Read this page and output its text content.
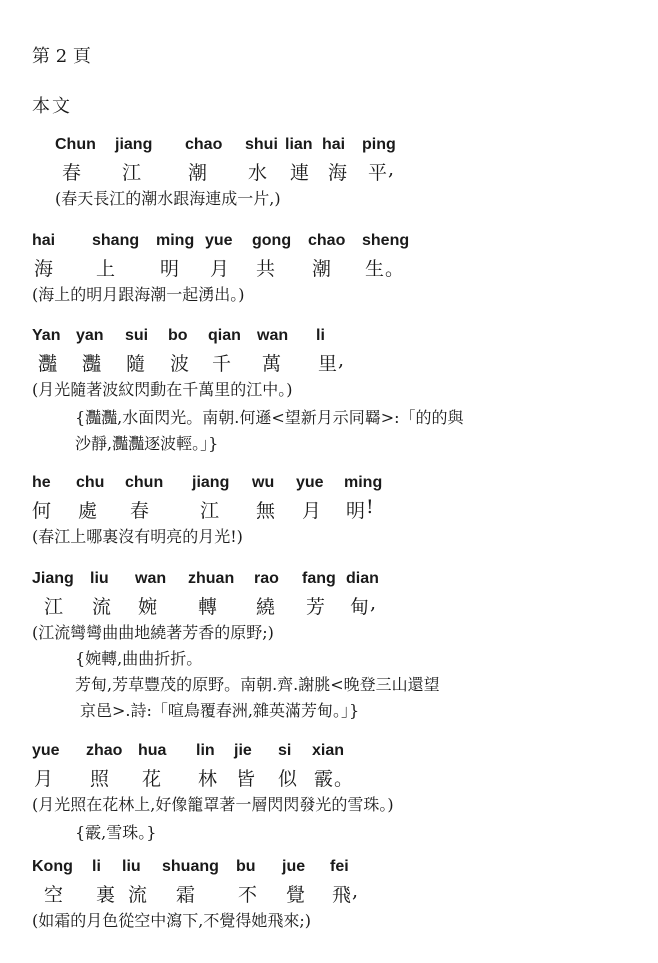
第 2 頁
本文
Chun jiang chao shui lian hai ping
春 江 潮 水 連 海 平 ,
(春天長江的潮水跟海連成一片,)
hai shang ming yue gong chao sheng
海 上 明 月 共 潮 生 。
(海上的明月跟海潮一起湧出。)
Yan yan sui bo qian wan li
灩 灩 隨 波 千 萬 里 ,
(月光隨著波紋閃動在千萬里的江中。)
{灩灩,水面閃光。南朝.何遜<望新月示同羇>:「的的與
沙靜,灩灩逐波輕。」}
he chu chun jiang wu yue ming
何 處 春	江 無 月 明 !
(春江上哪裏沒有明亮的月光!)
Jiang liu wan zhuan rao fang dian
江 流 婉 轉 繞 芳 甸 ,
(江流彎彎曲曲地繞著芳香的原野;)
{婉轉,曲曲折折。
芳甸,芳草豐茂的原野。南朝.齊.謝朓<晚登三山還望
京邑>.詩:「喧鳥覆春洲,雜英滿芳甸。」}
yue zhao hua lin jie si xian
月 照 花 林 皆 似 霰 。
(月光照在花林上,好像籠罩著一層閃閃發光的雪珠。)
{霰,雪珠。}
Kong li liu shuang bu jue fei
空 裏 流 霜 不 覺 飛 ,
(如霜的月色從空中瀉下,不覺得她飛來;)
